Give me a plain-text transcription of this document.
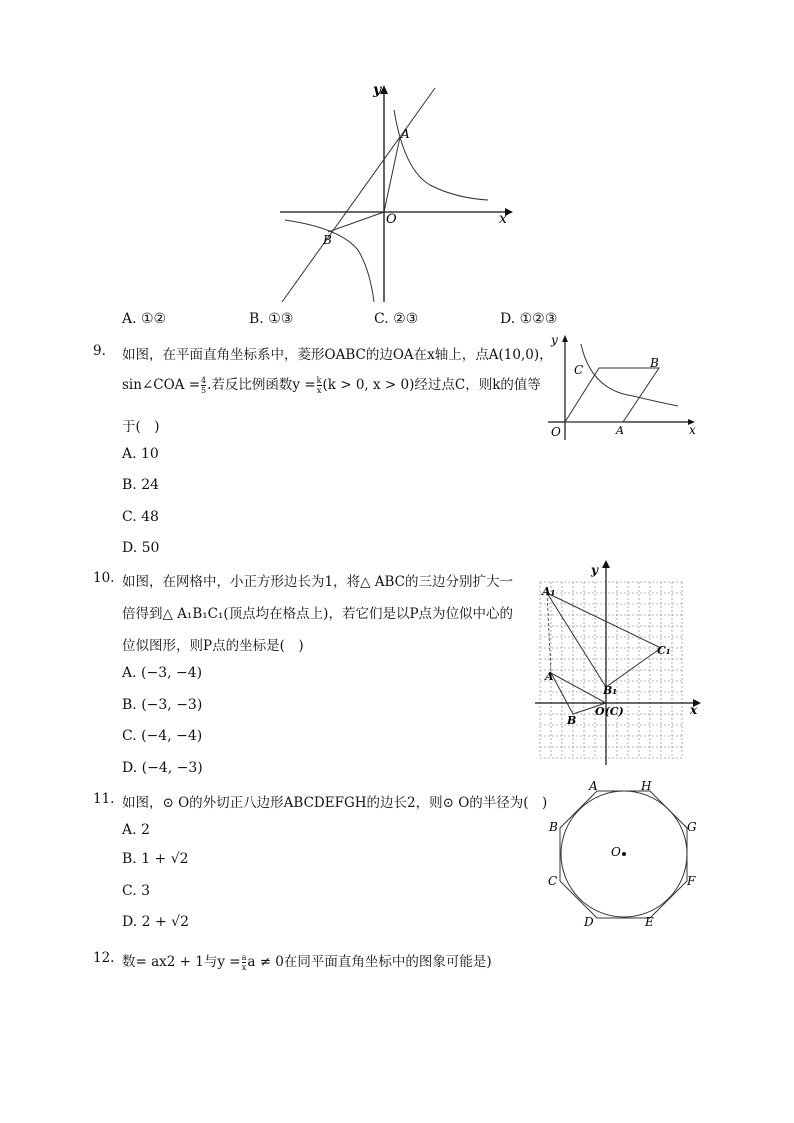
y
x
O
A
B
A. ①②	B. ①③	C. ②③	D. ①②③
9. 如图，在平面直角坐标系中，菱形OABC的边OA在x轴上，点A(10,0)，
sin∠COA = $\frac{4}{5}$ .若反比例函数$y = \frac{k}{x} (k > 0$, x > 0)经过点C，则k的值等
于(　)
A. 10
B. 24
C. 48
D. 50
y
x
O	A
B
C
10. 如图，在网格中，小正方形边长为1，将△ ABC的三边分别扩大一
倍得到△ A₁B₁C₁(顶点均在格点上)，若它们是以P点为位似中心的
位似图形，则P点的坐标是(　)
A. (−3, −4)
B. (−3, −3)
C. (−4, −4)
D. (−4, −3)
y
x
A₁
C₁
A
B₁
B
O(C)
11. 如图，⊙ O的外切正八边形ABCDEFGH的边长2，则⊙ O的半径为(　)
A. 2
B. 1 + √2
C. 3
D. 2 + √2
A	H
B	G
O
C	F
D	E
12. 数= ax2 + 1与$y = \frac{a}{x}$ a ≠ 0在同平面直角坐标中的图象可能是)
